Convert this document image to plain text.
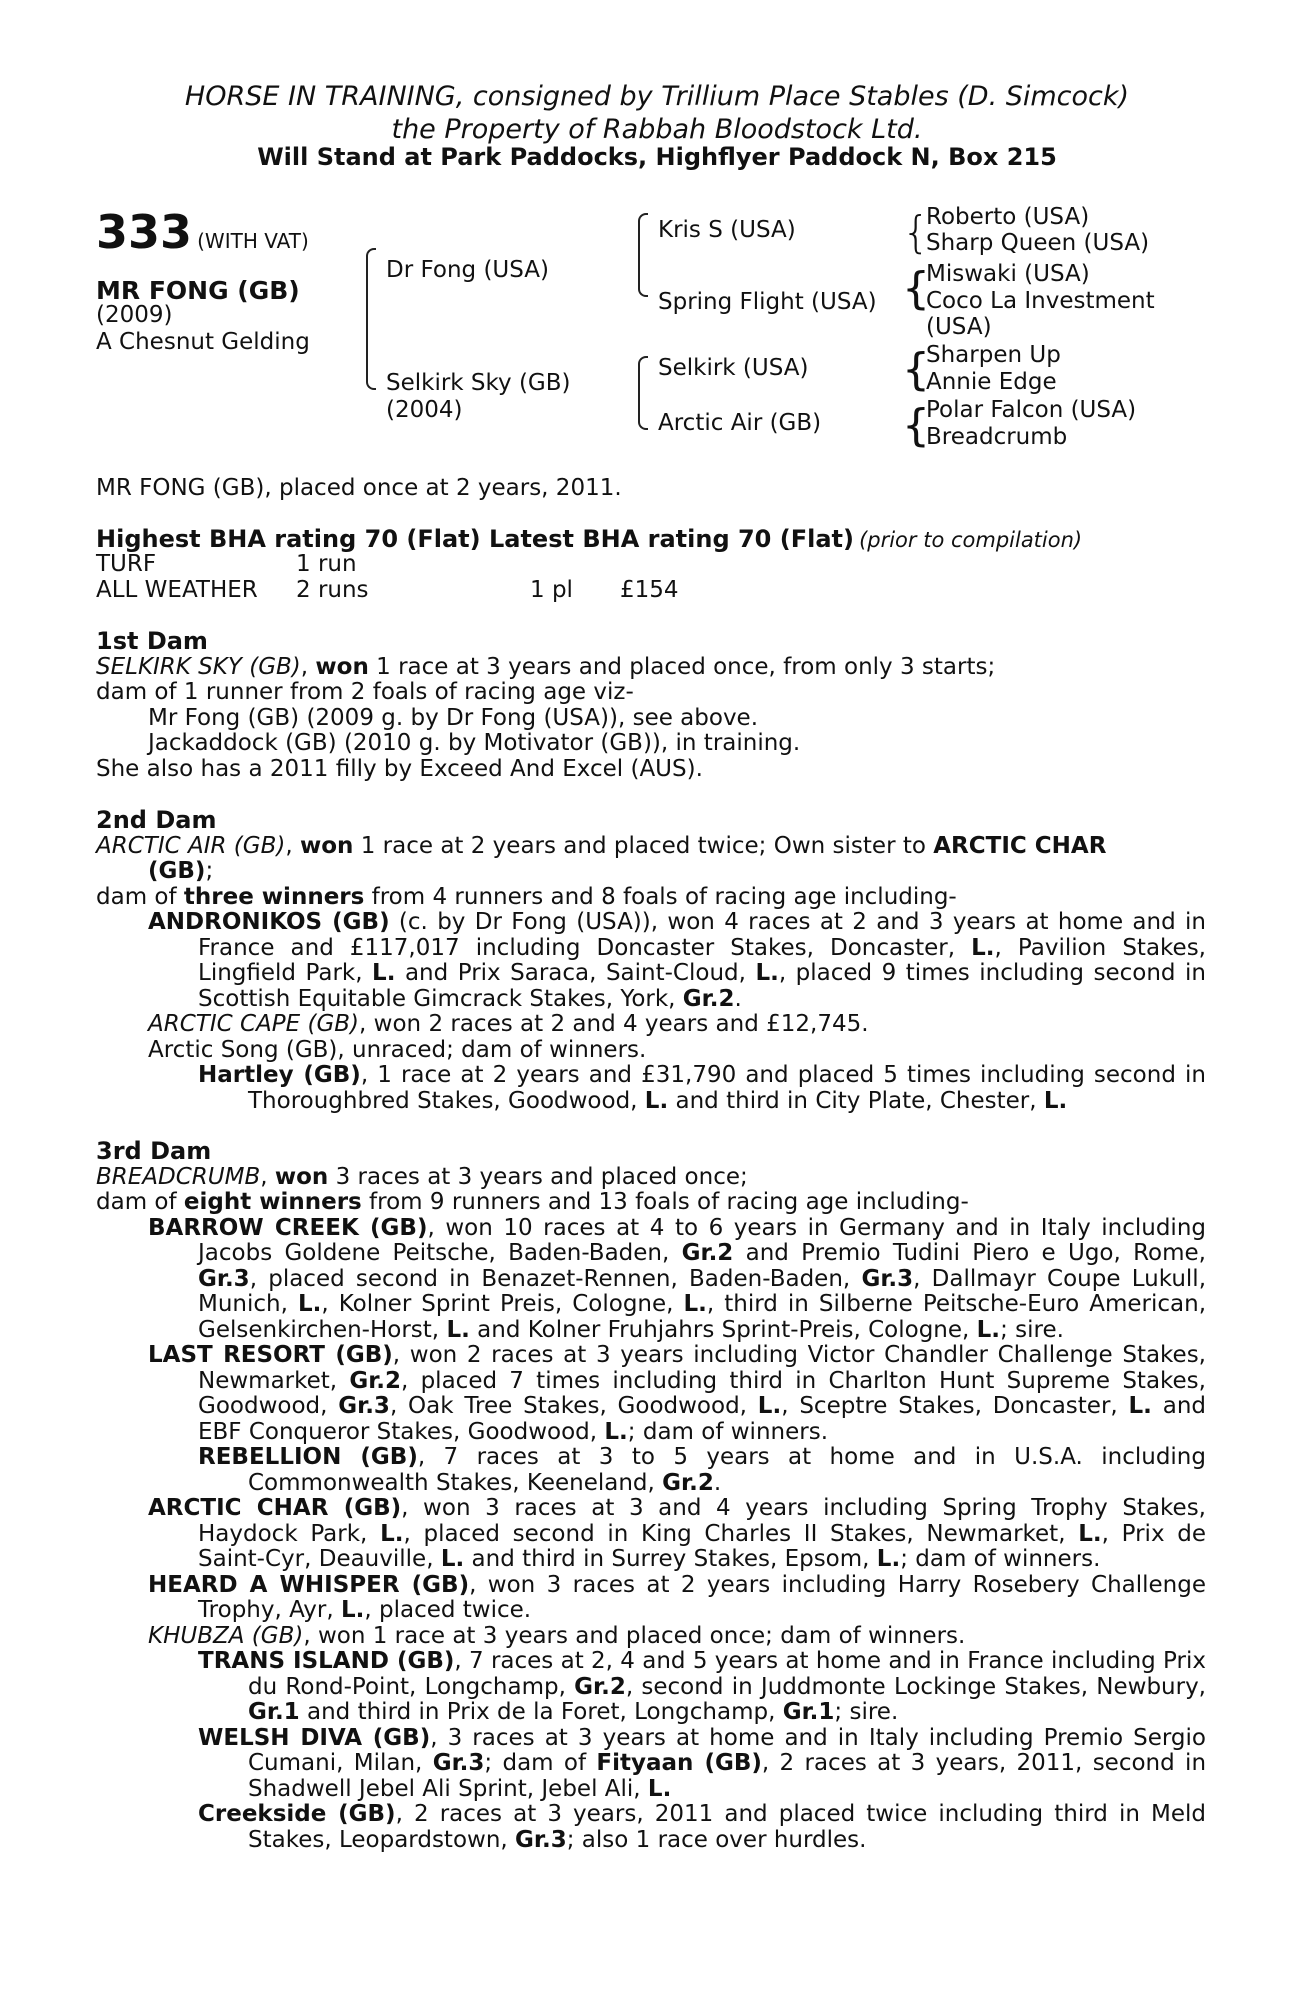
HORSE IN TRAINING, consigned by Trillium Place Stables (D. Simcock)
the Property of Rabbah Bloodstock Ltd.
Will Stand at Park Paddocks, Highflyer Paddock N, Box 215
333 (WITH VAT)
MR FONG (GB)
(2009)
A Chesnut Gelding
Dr Fong (USA)
Selkirk Sky (GB)
(2004)
Kris S (USA)
Spring Flight (USA)
Selkirk (USA)
Arctic Air (GB)
{
Roberto (USA)
Sharp Queen (USA)
{
Miswaki (USA)
Coco La Investment
(USA)
{
Sharpen Up
Annie Edge
{
Polar Falcon (USA)
Breadcrumb
MR FONG (GB), placed once at 2 years, 2011.
Highest BHA rating 70 (Flat) Latest BHA rating 70 (Flat) (prior to compilation)
TURF	1 run
ALL WEATHER 2 runs	1 pl £154
1st Dam
SELKIRK SKY (GB), won 1 race at 3 years and placed once, from only 3 starts;
dam of 1 runner from 2 foals of racing age viz-
Mr Fong (GB) (2009 g. by Dr Fong (USA)), see above.
Jackaddock (GB) (2010 g. by Motivator (GB)), in training.
She also has a 2011 filly by Exceed And Excel (AUS).
2nd Dam
ARCTIC AIR (GB), won 1 race at 2 years and placed twice; Own sister to ARCTIC CHAR
(GB);
dam of three winners from 4 runners and 8 foals of racing age including-
ANDRONIKOS (GB) (c. by Dr Fong (USA)), won 4 races at 2 and 3 years at home and in France and £117,017 including Doncaster Stakes, Doncaster, L., Pavilion Stakes, Lingfield Park, L. and Prix Saraca, Saint-Cloud, L., placed 9 times including second in Scottish Equitable Gimcrack Stakes, York, Gr.2.
ARCTIC CAPE (GB), won 2 races at 2 and 4 years and £12,745.
Arctic Song (GB), unraced; dam of winners.
Hartley (GB), 1 race at 2 years and £31,790 and placed 5 times including second in Thoroughbred Stakes, Goodwood, L. and third in City Plate, Chester, L.
3rd Dam
BREADCRUMB, won 3 races at 3 years and placed once;
dam of eight winners from 9 runners and 13 foals of racing age including-
BARROW CREEK (GB), won 10 races at 4 to 6 years in Germany and in Italy including Jacobs Goldene Peitsche, Baden-Baden, Gr.2 and Premio Tudini Piero e Ugo, Rome, Gr.3, placed second in Benazet-Rennen, Baden-Baden, Gr.3, Dallmayr Coupe Lukull, Munich, L., Kolner Sprint Preis, Cologne, L., third in Silberne Peitsche-Euro American, Gelsenkirchen-Horst, L. and Kolner Fruhjahrs Sprint-Preis, Cologne, L.; sire.
LAST RESORT (GB), won 2 races at 3 years including Victor Chandler Challenge Stakes, Newmarket, Gr.2, placed 7 times including third in Charlton Hunt Supreme Stakes, Goodwood, Gr.3, Oak Tree Stakes, Goodwood, L., Sceptre Stakes, Doncaster, L. and EBF Conqueror Stakes, Goodwood, L.; dam of winners.
REBELLION (GB), 7 races at 3 to 5 years at home and in U.S.A. including Commonwealth Stakes, Keeneland, Gr.2.
ARCTIC CHAR (GB), won 3 races at 3 and 4 years including Spring Trophy Stakes, Haydock Park, L., placed second in King Charles II Stakes, Newmarket, L., Prix de Saint-Cyr, Deauville, L. and third in Surrey Stakes, Epsom, L.; dam of winners.
HEARD A WHISPER (GB), won 3 races at 2 years including Harry Rosebery Challenge Trophy, Ayr, L., placed twice.
KHUBZA (GB), won 1 race at 3 years and placed once; dam of winners.
TRANS ISLAND (GB), 7 races at 2, 4 and 5 years at home and in France including Prix du Rond-Point, Longchamp, Gr.2, second in Juddmonte Lockinge Stakes, Newbury, Gr.1 and third in Prix de la Foret, Longchamp, Gr.1; sire.
WELSH DIVA (GB), 3 races at 3 years at home and in Italy including Premio Sergio Cumani, Milan, Gr.3; dam of Fityaan (GB), 2 races at 3 years, 2011, second in Shadwell Jebel Ali Sprint, Jebel Ali, L.
Creekside (GB), 2 races at 3 years, 2011 and placed twice including third in Meld Stakes, Leopardstown, Gr.3; also 1 race over hurdles.
